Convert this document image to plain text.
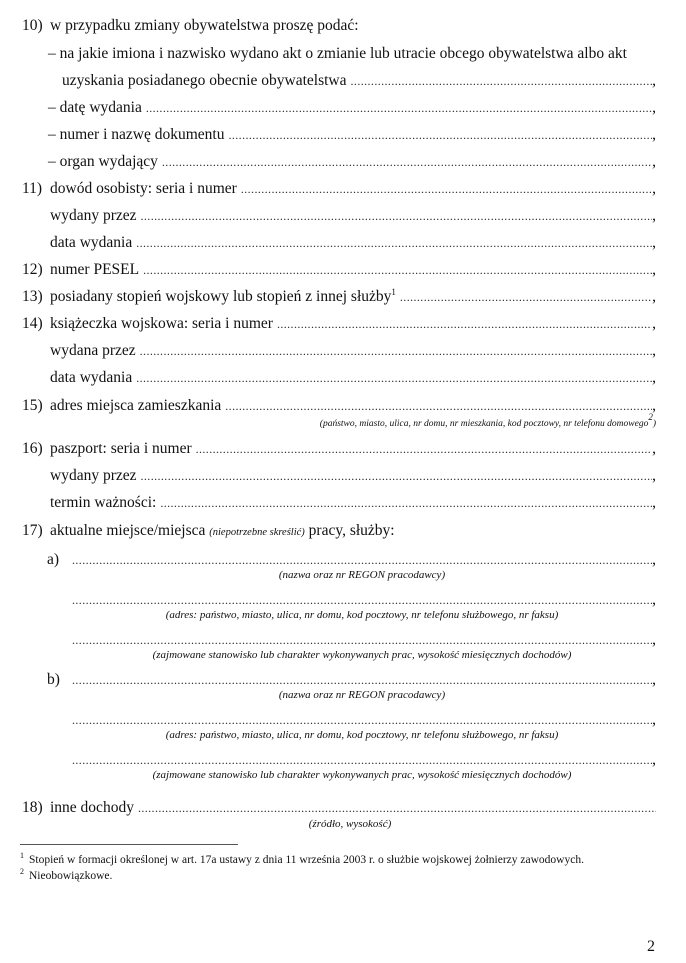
10) w przypadku zmiany obywatelstwa proszę podać:
– na jakie imiona i nazwisko wydano akt o zmianie lub utracie obcego obywatelstwa albo akt
uzyskania posiadanego obecnie obywatelstwa .....	,
– datę wydania .....	,
– numer i nazwę dokumentu .....	,
– organ wydający .....	,
11) dowód osobisty: seria i numer .....	,
wydany przez .....	,
data wydania .....	,
12) numer PESEL .....	,
13) posiadany stopień wojskowy lub stopień z innej służby$^1$ .....	,
14) książeczka wojskowa: seria i numer .....	,
wydana przez .....	,
data wydania .....	,
15) adres miejsca zamieszkania .....	,
(państwo, miasto, ulica, nr domu, nr mieszkania, kod pocztowy, nr telefonu domowego$^2$)
16) paszport: seria i numer .....	,
wydany przez .....	,
termin ważności: .....	,
17) aktualne miejsce/miejsca
(niepotrzebne skreślić)
pracy, służby:
a) .....	,
(nazwa oraz nr REGON pracodawcy)
.....
,
(adres: państwo, miasto, ulica, nr domu, kod pocztowy, nr telefonu służbowego, nr faksu)
.....
,
(zajmowane stanowisko lub charakter wykonywanych prac, wysokość miesięcznych dochodów)
b) .....	,
(nazwa oraz nr REGON pracodawcy)
.....
,
(adres: państwo, miasto, ulica, nr domu, kod pocztowy, nr telefonu służbowego, nr faksu)
.....
,
(zajmowane stanowisko lub charakter wykonywanych prac, wysokość miesięcznych dochodów)
18) inne dochody
.....
(źródło, wysokość)
$^1$ Stopień w formacji określonej w art. 17a ustawy z dnia 11 września 2003 r. o służbie wojskowej żołnierzy zawodowych.
$^2$ Nieobowiązkowe.
2
